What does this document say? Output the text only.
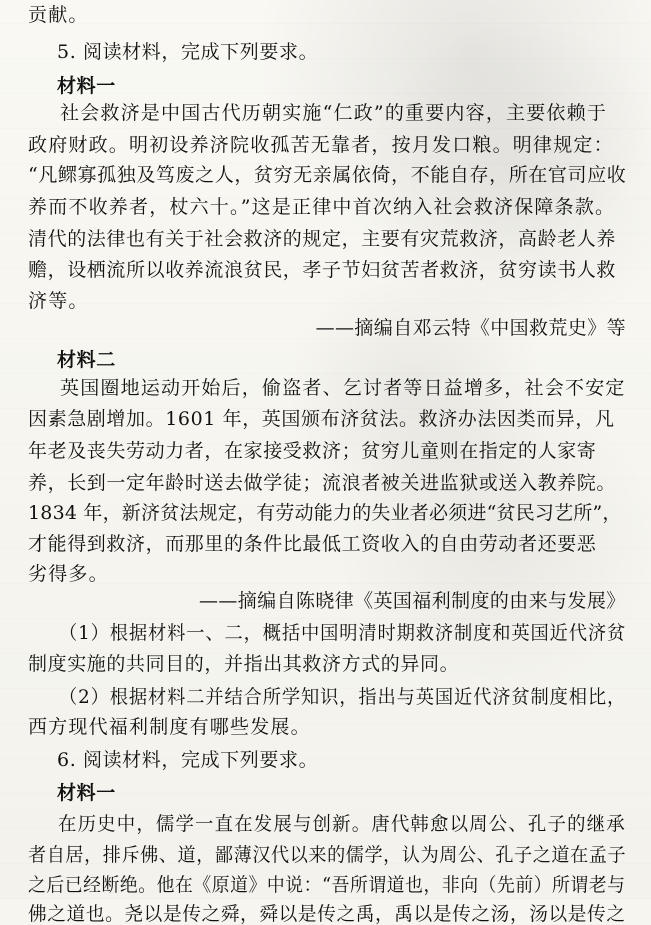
贡献。

5. 阅读材料，完成下列要求。

材料一

社会救济是中国古代历朝实施“仁政”的重要内容，主要依赖于

政府财政。明初设养济院收孤苦无靠者，按月发口粮。明律规定：

“凡鳏寡孤独及笃废之人，贫穷无亲属依倚，不能自存，所在官司应收

养而不收养者，杖六十。”这是正律中首次纳入社会救济保障条款。

清代的法律也有关于社会救济的规定，主要有灾荒救济，高龄老人养

赡，设栖流所以收养流浪贫民，孝子节妇贫苦者救济，贫穷读书人救

济等。

——摘编自邓云特《中国救荒史》等

材料二

英国圈地运动开始后，偷盗者、乞讨者等日益增多，社会不安定

因素急剧增加。1601 年，英国颁布济贫法。救济办法因类而异，凡

年老及丧失劳动力者，在家接受救济；贫穷儿童则在指定的人家寄

养，长到一定年龄时送去做学徒；流浪者被关进监狱或送入教养院。

1834 年，新济贫法规定，有劳动能力的失业者必须进“贫民习艺所”，

才能得到救济，而那里的条件比最低工资收入的自由劳动者还要恶

劣得多。

——摘编自陈晓律《英国福利制度的由来与发展》

（1）根据材料一、二，概括中国明清时期救济制度和英国近代济贫

制度实施的共同目的，并指出其救济方式的异同。

（2）根据材料二并结合所学知识，指出与英国近代济贫制度相比，

西方现代福利制度有哪些发展。

6. 阅读材料，完成下列要求。

材料一

在历史中，儒学一直在发展与创新。唐代韩愈以周公、孔子的继承

者自居，排斥佛、道，鄙薄汉代以来的儒学，认为周公、孔子之道在孟子

之后已经断绝。他在《原道》中说：“吾所谓道也，非向（先前）所谓老与

佛之道也。尧以是传之舜，舜以是传之禹，禹以是传之汤，汤以是传之
